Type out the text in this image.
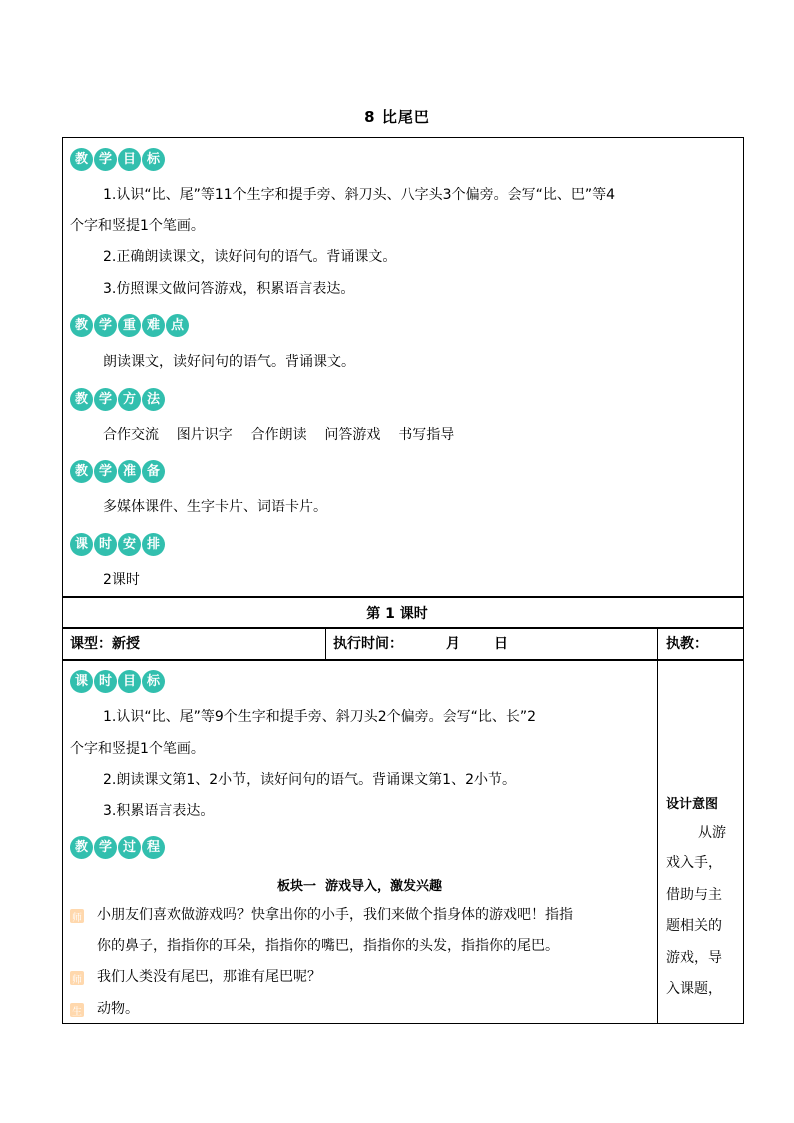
8 比尾巴
教 学 目 标
1.认识“比、尾”等11个生字和提手旁、斜刀头、八字头3个偏旁。会写“比、巴”等4
个字和竖提1个笔画。
2.正确朗读课文，读好问句的语气。背诵课文。
3.仿照课文做问答游戏，积累语言表达。
教 学 重 难 点
朗读课文，读好问句的语气。背诵课文。
教 学 方 法
合作交流    图片识字    合作朗读    问答游戏    书写指导
教 学 准 备
多媒体课件、生字卡片、词语卡片。
课 时 安 排
2课时
第 1 课时
课型：新授	执行时间：	月 日	执教：
课 时 目 标
1.认识“比、尾”等9个生字和提手旁、斜刀头2个偏旁。会写“比、长”2
个字和竖提1个笔画。
2.朗读课文第1、2小节，读好问句的语气。背诵课文第1、2小节。
3.积累语言表达。
教 学 过 程
板块一  游戏导入，激发兴趣
师 小朋友们喜欢做游戏吗？快拿出你的小手，我们来做个指身体的游戏吧！指指
你的鼻子，指指你的耳朵，指指你的嘴巴，指指你的头发，指指你的尾巴。
师 我们人类没有尾巴，那谁有尾巴呢？
生 动物。
设计意图
从游
戏入手，
借助与主
题相关的
游戏，导
入课题，
